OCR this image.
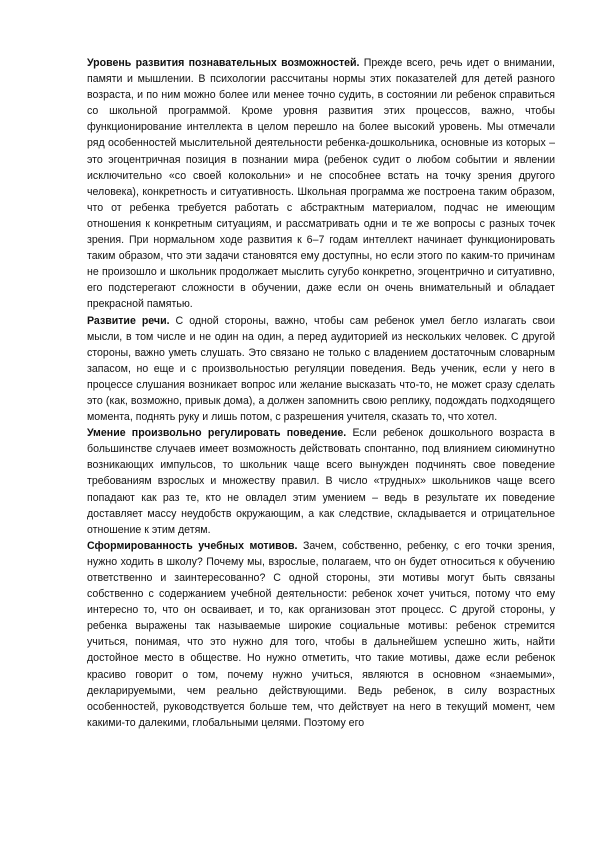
Уровень развития познавательных возможностей. Прежде всего, речь идет о внимании, памяти и мышлении. В психологии рассчитаны нормы этих показателей для детей разного возраста, и по ним можно более или менее точно судить, в состоянии ли ребенок справиться со школьной программой. Кроме уровня развития этих процессов, важно, чтобы функционирование интеллекта в целом перешло на более высокий уровень. Мы отмечали ряд особенностей мыслительной деятельности ребенка-дошкольника, основные из которых – это эгоцентричная позиция в познании мира (ребенок судит о любом событии и явлении исключительно «со своей колокольни» и не способнее встать на точку зрения другого человека), конкретность и ситуативность. Школьная программа же построена таким образом, что от ребенка требуется работать с абстрактным материалом, подчас не имеющим отношения к конкретным ситуациям, и рассматривать одни и те же вопросы с разных точек зрения. При нормальном ходе развития к 6–7 годам интеллект начинает функционировать таким образом, что эти задачи становятся ему доступны, но если этого по каким-то причинам не произошло и школьник продолжает мыслить сугубо конкретно, эгоцентрично и ситуативно, его подстерегают сложности в обучении, даже если он очень внимательный и обладает прекрасной памятью.

Развитие речи. С одной стороны, важно, чтобы сам ребенок умел бегло излагать свои мысли, в том числе и не один на один, а перед аудиторией из нескольких человек. С другой стороны, важно уметь слушать. Это связано не только с владением достаточным словарным запасом, но еще и с произвольностью регуляции поведения. Ведь ученик, если у него в процессе слушания возникает вопрос или желание высказать что-то, не может сразу сделать это (как, возможно, привык дома), а должен запомнить свою реплику, подождать подходящего момента, поднять руку и лишь потом, с разрешения учителя, сказать то, что хотел.

Умение произвольно регулировать поведение. Если ребенок дошкольного возраста в большинстве случаев имеет возможность действовать спонтанно, под влиянием сиюминутно возникающих импульсов, то школьник чаще всего вынужден подчинять свое поведение требованиям взрослых и множеству правил. В число «трудных» школьников чаще всего попадают как раз те, кто не овладел этим умением – ведь в результате их поведение доставляет массу неудобств окружающим, а как следствие, складывается и отрицательное отношение к этим детям.

Сформированность учебных мотивов. Зачем, собственно, ребенку, с его точки зрения, нужно ходить в школу? Почему мы, взрослые, полагаем, что он будет относиться к обучению ответственно и заинтересованно? С одной стороны, эти мотивы могут быть связаны собственно с содержанием учебной деятельности: ребенок хочет учиться, потому что ему интересно то, что он осваивает, и то, как организован этот процесс. С другой стороны, у ребенка выражены так называемые широкие социальные мотивы: ребенок стремится учиться, понимая, что это нужно для того, чтобы в дальнейшем успешно жить, найти достойное место в обществе. Но нужно отметить, что такие мотивы, даже если ребенок красиво говорит о том, почему нужно учиться, являются в основном «знаемыми», декларируемыми, чем реально действующими. Ведь ребенок, в силу возрастных особенностей, руководствуется больше тем, что действует на него в текущий момент, чем какими-то далекими, глобальными целями. Поэтому его
